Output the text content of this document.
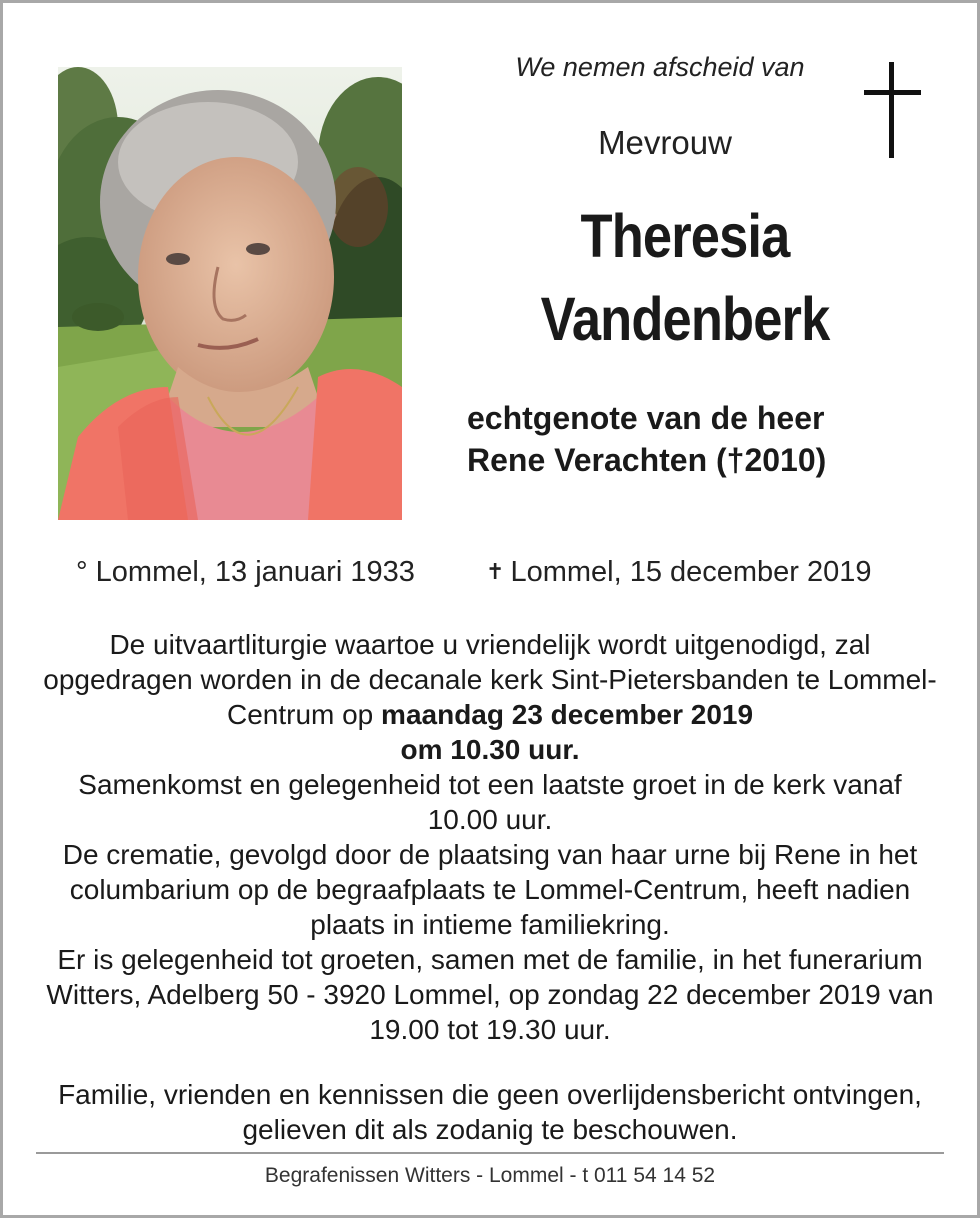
We nemen afscheid van
Mevrouw
Theresia
Vandenberk
echtgenote van de heer
Rene Verachten (†2010)
° Lommel, 13 januari 1933	✝ Lommel, 15 december 2019

De uitvaartliturgie waartoe u vriendelijk wordt uitgenodigd, zal opgedragen worden in de decanale kerk Sint-Pietersbanden te Lommel-Centrum op maandag 23 december 2019
om 10.30 uur.

Samenkomst en gelegenheid tot een laatste groet in de kerk vanaf 10.00 uur.

De crematie, gevolgd door de plaatsing van haar urne bij Rene in het columbarium op de begraafplaats te Lommel-Centrum, heeft nadien plaats in intieme familiekring.

Er is gelegenheid tot groeten, samen met de familie, in het funerarium Witters, Adelberg 50 - 3920 Lommel, op zondag 22 december 2019 van 19.00 tot 19.30 uur.

Familie, vrienden en kennissen die geen overlijdensbericht ontvingen, gelieven dit als zodanig te beschouwen.
Begrafenissen Witters - Lommel - t 011 54 14 52
